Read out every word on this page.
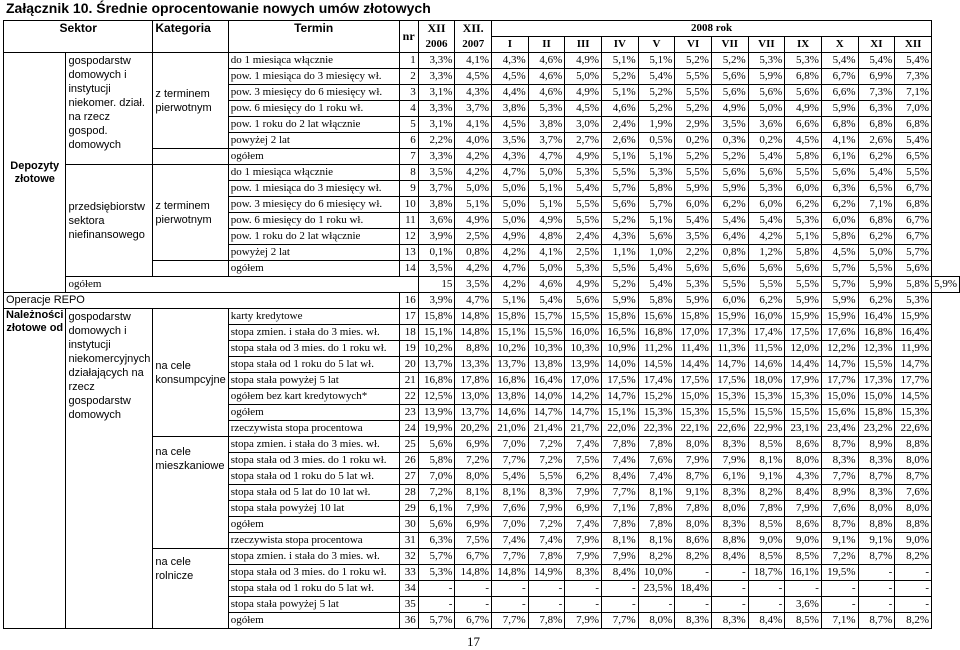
Załącznik 10. Średnie oprocentowanie nowych umów złotowych
Sektor		Kategoria	Termin	nr	XII	XII.	2008 rok												
					2006	2007	I	II	III	IV	V	VI	VII	VII	IX	X	XI	XII	
Depozyty złotowe	gospodarstw domowych i instytucji niekomer. dział. na rzecz gospod. domowych	z terminem pierwotnym	do 1 miesiąca włącznie	1	3,3%	4,1%	4,3%	4,6%	4,9%	5,1%	5,1%	5,2%	5,2%	5,3%	5,3%	5,4%	5,4%	5,4%	
			pow. 1 miesiąca do 3 miesięcy wł.	2	3,3%	4,5%	4,5%	4,6%	5,0%	5,2%	5,4%	5,5%	5,6%	5,9%	6,8%	6,7%	6,9%	7,3%	
			pow. 3 miesięcy do 6 miesięcy wł.	3	3,1%	4,3%	4,4%	4,6%	4,9%	5,1%	5,2%	5,5%	5,6%	5,6%	5,6%	6,6%	7,3%	7,1%	
			pow. 6 miesięcy do 1 roku wł.	4	3,3%	3,7%	3,8%	5,3%	4,5%	4,6%	5,2%	5,2%	4,9%	5,0%	4,9%	5,9%	6,3%	7,0%	
			pow. 1 roku do 2 lat włącznie	5	3,1%	4,1%	4,5%	3,8%	3,0%	2,4%	1,9%	2,9%	3,5%	3,6%	6,6%	6,8%	6,8%	6,8%	
			powyżej 2 lat	6	2,2%	4,0%	3,5%	3,7%	2,7%	2,6%	0,5%	0,2%	0,3%	0,2%	4,5%	4,1%	2,6%	5,4%	
			ogółem	7	3,3%	4,2%	4,3%	4,7%	4,9%	5,1%	5,1%	5,2%	5,2%	5,4%	5,8%	6,1%	6,2%	6,5%	
	przedsiębiorstw sektora niefinansowego	z terminem pierwotnym	do 1 miesiąca włącznie	8	3,5%	4,2%	4,7%	5,0%	5,3%	5,5%	5,3%	5,5%	5,6%	5,6%	5,5%	5,6%	5,4%	5,5%	
			pow. 1 miesiąca do 3 miesięcy wł.	9	3,7%	5,0%	5,0%	5,1%	5,4%	5,7%	5,8%	5,9%	5,9%	5,3%	6,0%	6,3%	6,5%	6,7%	
			pow. 3 miesięcy do 6 miesięcy wł.	10	3,8%	5,1%	5,0%	5,1%	5,5%	5,6%	5,7%	6,0%	6,2%	6,0%	6,2%	6,2%	7,1%	6,8%	
			pow. 6 miesięcy do 1 roku wł.	11	3,6%	4,9%	5,0%	4,9%	5,5%	5,2%	5,1%	5,4%	5,4%	5,4%	5,3%	6,0%	6,8%	6,7%	
			pow. 1 roku do 2 lat włącznie	12	3,9%	2,5%	4,9%	4,8%	2,4%	4,3%	5,6%	3,5%	6,4%	4,2%	5,1%	5,8%	6,2%	6,7%	
			powyżej 2 lat	13	0,1%	0,8%	4,2%	4,1%	2,5%	1,1%	1,0%	2,2%	0,8%	1,2%	5,8%	4,5%	5,0%	5,7%	
			ogółem	14	3,5%	4,2%	4,7%	5,0%	5,3%	5,5%	5,4%	5,6%	5,6%	5,6%	5,6%	5,7%	5,5%	5,6%	
	ogółem				15	3,5%	4,2%	4,6%	4,9%	5,2%	5,4%	5,3%	5,5%	5,5%	5,5%	5,7%	5,9%	5,8%	5,9%
Operacje REPO				16	3,9%	4,7%	5,1%	5,4%	5,6%	5,9%	5,8%	5,9%	6,0%	6,2%	5,9%	5,9%	6,2%	5,3%	
Należności złotowe od	gospodarstw domowych i instytucji niekomercyjnych działających na rzecz gospodarstw domowych	na cele konsumpcyjne	karty kredytowe	17	15,8%	14,8%	15,8%	15,7%	15,5%	15,8%	15,6%	15,8%	15,9%	16,0%	15,9%	15,9%	16,4%	15,9%	
			stopa zmien. i stała do 3 mies. wł.	18	15,1%	14,8%	15,1%	15,5%	16,0%	16,5%	16,8%	17,0%	17,3%	17,4%	17,5%	17,6%	16,8%	16,4%	
			stopa stała od 3 mies. do 1 roku wł.	19	10,2%	8,8%	10,2%	10,3%	10,3%	10,9%	11,2%	11,4%	11,3%	11,5%	12,0%	12,2%	12,3%	11,9%	
			stopa stała od 1 roku do 5 lat wł.	20	13,7%	13,3%	13,7%	13,8%	13,9%	14,0%	14,5%	14,4%	14,7%	14,6%	14,4%	14,7%	15,5%	14,7%	
			stopa stała powyżej 5 lat	21	16,8%	17,8%	16,8%	16,4%	17,0%	17,5%	17,4%	17,5%	17,5%	18,0%	17,9%	17,7%	17,3%	17,7%	
			ogółem bez kart kredytowych*	22	12,5%	13,0%	13,8%	14,0%	14,2%	14,7%	15,2%	15,0%	15,3%	15,3%	15,3%	15,0%	15,0%	14,5%	
			ogółem	23	13,9%	13,7%	14,6%	14,7%	14,7%	15,1%	15,3%	15,3%	15,5%	15,5%	15,5%	15,6%	15,8%	15,3%	
			rzeczywista stopa procentowa	24	19,9%	20,2%	21,0%	21,4%	21,7%	22,0%	22,3%	22,1%	22,6%	22,9%	23,1%	23,4%	23,2%	22,6%	
		na cele mieszkaniowe	stopa zmien. i stała do 3 mies. wł.	25	5,6%	6,9%	7,0%	7,2%	7,4%	7,8%	7,8%	8,0%	8,3%	8,5%	8,6%	8,7%	8,9%	8,8%	
			stopa stała od 3 mies. do 1 roku wł.	26	5,8%	7,2%	7,7%	7,2%	7,5%	7,4%	7,6%	7,9%	7,9%	8,1%	8,0%	8,3%	8,3%	8,0%	
			stopa stała od 1 roku do 5 lat wł.	27	7,0%	8,0%	5,4%	5,5%	6,2%	8,4%	7,4%	8,7%	6,1%	9,1%	4,3%	7,7%	8,7%	8,7%	
			stopa stała od 5 lat do 10 lat wł.	28	7,2%	8,1%	8,1%	8,3%	7,9%	7,7%	8,1%	9,1%	8,3%	8,2%	8,4%	8,9%	8,3%	7,6%	
			stopa stała powyżej 10 lat	29	6,1%	7,9%	7,6%	7,9%	6,9%	7,1%	7,8%	7,8%	8,0%	7,8%	7,9%	7,6%	8,0%	8,0%	
			ogółem	30	5,6%	6,9%	7,0%	7,2%	7,4%	7,8%	7,8%	8,0%	8,3%	8,5%	8,6%	8,7%	8,8%	8,8%	
			rzeczywista stopa procentowa	31	6,3%	7,5%	7,4%	7,4%	7,9%	8,1%	8,1%	8,6%	8,8%	9,0%	9,0%	9,1%	9,1%	9,0%	
		na cele rolnicze	stopa zmien. i stała do 3 mies. wł.	32	5,7%	6,7%	7,7%	7,8%	7,9%	7,9%	8,2%	8,2%	8,4%	8,5%	8,5%	7,2%	8,7%	8,2%	
			stopa stała od 3 mies. do 1 roku wł.	33	5,3%	14,8%	14,8%	14,9%	8,3%	8,4%	10,0%	-	-	18,7%	16,1%	19,5%	-	-	
			stopa stała od 1 roku do 5 lat wł.	34	-	-	-	-	-	-	23,5%	18,4%	-	-	-	-	-	-	
			stopa stała powyżej 5 lat	35	-	-	-	-	-	-	-	-	-	-	3,6%	-	-	-	
			ogółem	36	5,7%	6,7%	7,7%	7,8%	7,9%	7,7%	8,0%	8,3%	8,3%	8,4%	8,5%	7,1%	8,7%	8,2%	
17
